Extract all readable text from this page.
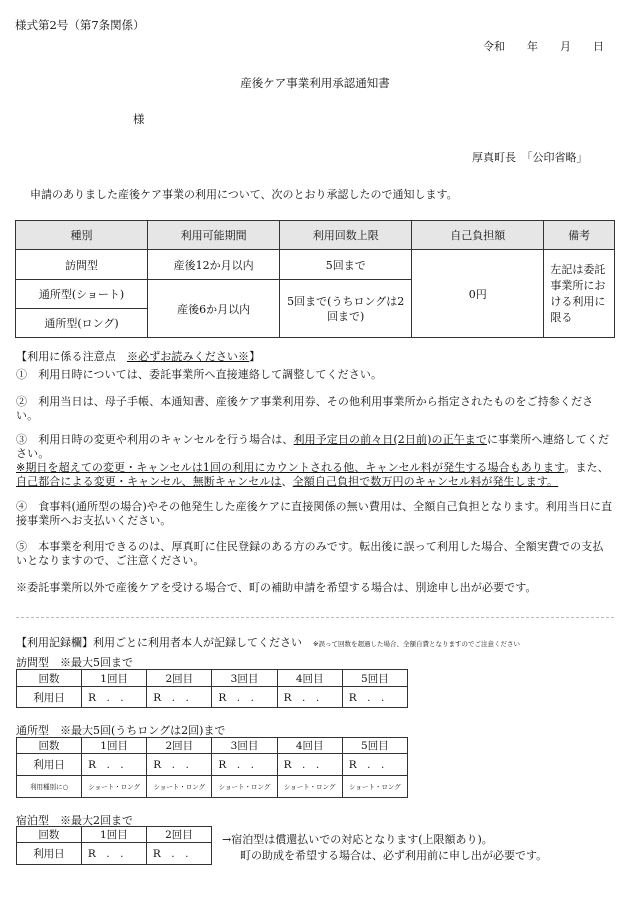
様式第2号（第7条関係）
令和　　年　　月　　日
産後ケア事業利用承認通知書
様
厚真町長　「公印省略」
申請のありました産後ケア事業の利用について、次のとおり承認したので通知します。
種別	利用可能期間	利用回数上限	自己負担額	備考
訪問型	産後12か月以内	5回まで	0円	左記は委託事業所における利用に限る
通所型(ショート)	産後6か月以内	5回まで(うちロングは2回まで)		
通所型(ロング)				
【利用に係る注意点　 ※必ずお読みください※】
①　利用日時については、委託事業所へ直接連絡して調整してください。
②　利用当日は、母子手帳、本通知書、産後ケア事業利用券、その他利用事業所から指定されたものをご持参ください。
③　利用日時の変更や利用のキャンセルを行う場合は、利用予定日の前々日(2日前)の正午までに事業所へ連絡してください。
※期日を超えての変更・キャンセルは1回の利用にカウントされる他、キャンセル料が発生する場合もあります。また、自己都合による変更・キャンセル、無断キャンセルは、全額自己負担で数万円のキャンセル料が発生します。
④　食事料(通所型の場合)やその他発生した産後ケアに直接関係の無い費用は、全額自己負担となります。利用当日に直接事業所へお支払いください。
⑤　本事業を利用できるのは、厚真町に住民登録のある方のみです。転出後に誤って利用した場合、全額実費での支払いとなりますので、ご注意ください。
※委託事業所以外で産後ケアを受ける場合で、町の補助申請を希望する場合は、別途申し出が必要です。
【利用記録欄】利用ごとに利用者本人が記録してください　 ※誤って回数を超過した場合、全額自費となりますのでご注意ください
訪問型　※最大5回まで
回数	1回目	2回目	3回目	4回目	5回目
利用日	R　.　.	R　.　.	R　.　.	R　.　.	R　.　.
通所型　※最大5回(うちロングは2回)まで
回数	1回目	2回目	3回目	4回目	5回目
利用日	R　.　.	R　.　.	R　.　.	R　.　.	R　.　.
利用種別に○	ショート・ロング	ショート・ロング	ショート・ロング	ショート・ロング	ショート・ロング
宿泊型　※最大2回まで
回数	1回目	2回目
利用日	R　.　.	R　.　.
→宿泊型は償還払いでの対応となります(上限額あり)。
町の助成を希望する場合は、必ず利用前に申し出が必要です。
